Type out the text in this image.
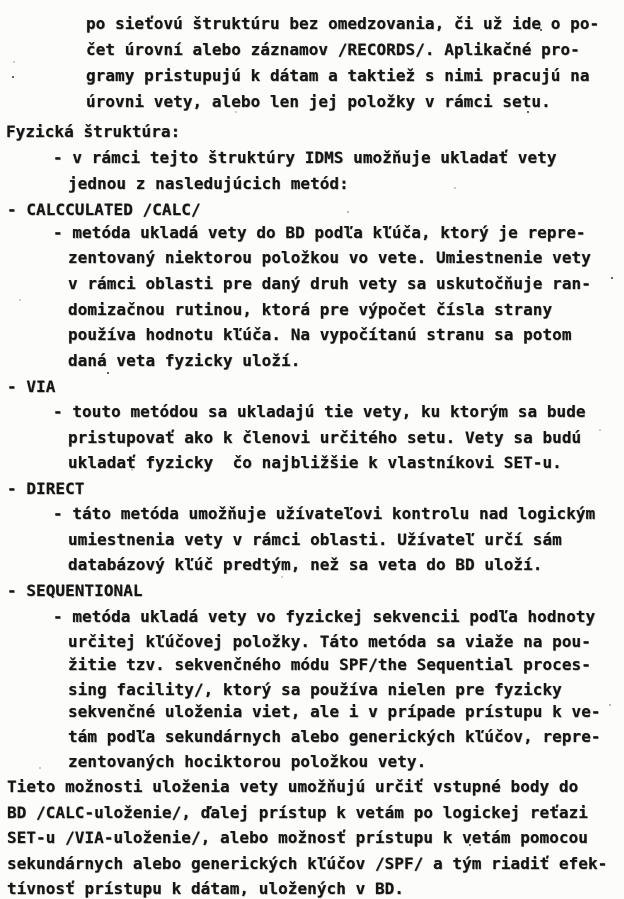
po sieťovú štruktúru bez omedzovania, či už ide o po-
čet úrovní alebo záznamov /RECORDS/. Aplikačné pro-
gramy pristupujú k dátam a taktiež s nimi pracujú na
úrovni vety, alebo len jej položky v rámci setu.
Fyzická štruktúra:
- v rámci tejto štruktúry IDMS umožňuje ukladať vety
jednou z nasledujúcich metód:
- CALCCULATED /CALC/
- metóda ukladá vety do BD podľa kľúča, ktorý je repre-
zentovaný niektorou položkou vo vete. Umiestnenie vety
v rámci oblasti pre daný druh vety sa uskutočňuje ran-
domizačnou rutinou, ktorá pre výpočet čísla strany
používa hodnotu kľúča. Na vypočítanú stranu sa potom
daná veta fyzicky uloží.
- VIA
- touto metódou sa ukladajú tie vety, ku ktorým sa bude
pristupovať ako k členovi určitého setu. Vety sa budú
ukladať fyzicky  čo najbližšie k vlastníkovi SET-u.
- DIRECT
- táto metóda umožňuje užívateľovi kontrolu nad logickým
umiestnenia vety v rámci oblasti. Užívateľ určí sám
databázový kľúč predtým, než sa veta do BD uloží.
- SEQUENTIONAL
- metóda ukladá vety vo fyzickej sekvencii podľa hodnoty
určitej kľúčovej položky. Táto metóda sa viaže na pou-
žitie tzv. sekvenčného módu SPF/the Sequential proces-
sing facility/, ktorý sa používa nielen pre fyzicky
sekvenčné uloženia viet, ale i v prípade prístupu k ve-
tám podľa sekundárnych alebo generických kľúčov, repre-
zentovaných hociktorou položkou vety.
Tieto možnosti uloženia vety umožňujú určiť vstupné body do
BD /CALC-uloženie/, ďalej prístup k vetám po logickej reťazi
SET-u /VIA-uloženie/, alebo možnosť prístupu k vetám pomocou
sekundárnych alebo generických kľúčov /SPF/ a tým riadiť efek-
tívnosť prístupu k dátam, uložených v BD.
